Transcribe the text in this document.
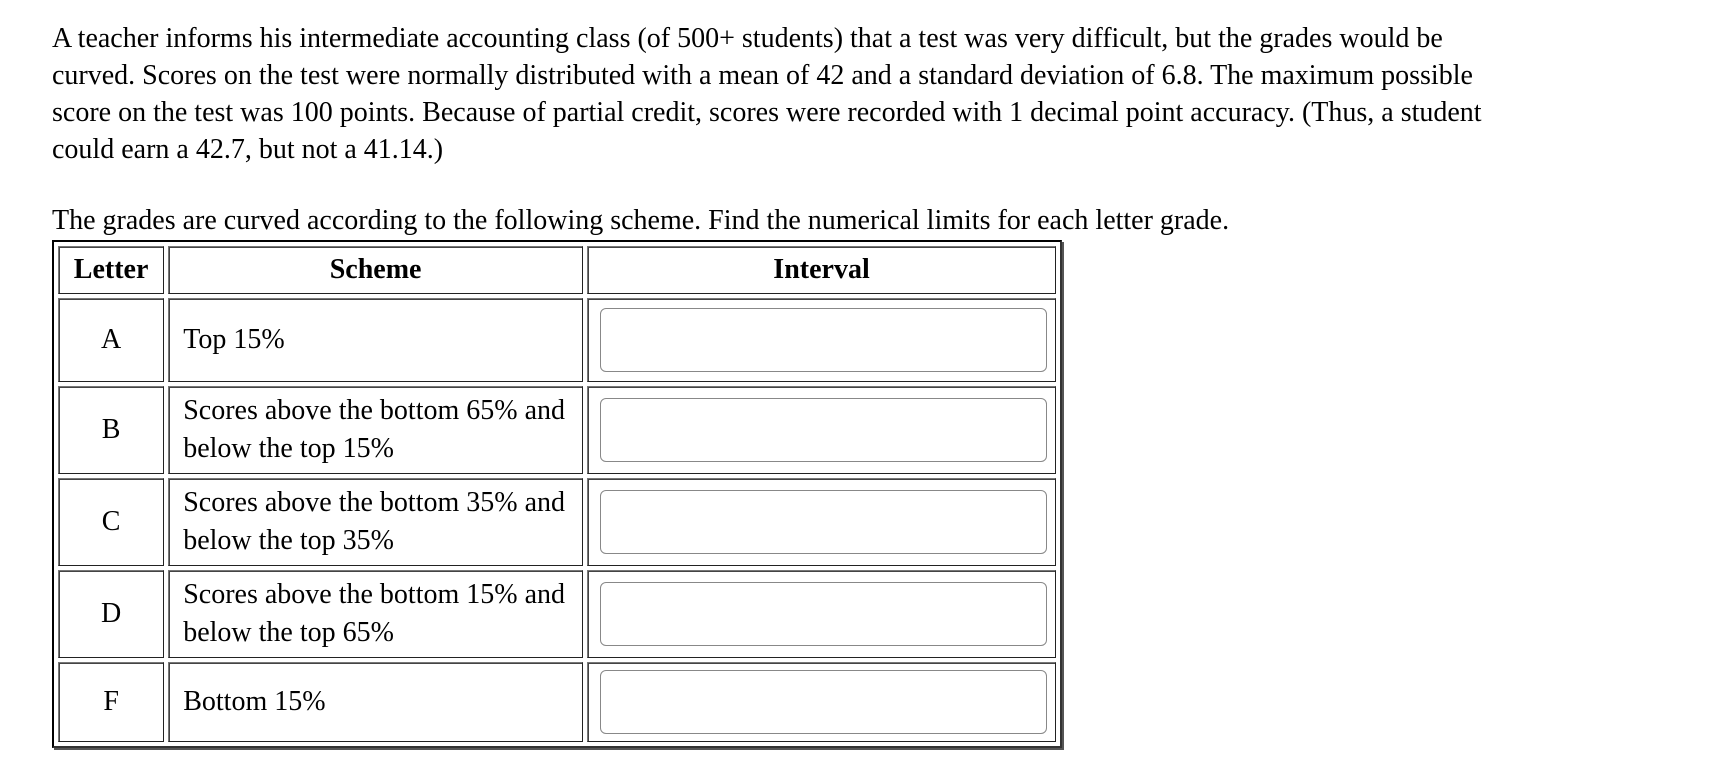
A teacher informs his intermediate accounting class (of 500+ students) that a test was very difficult, but the grades would be curved. Scores on the test were normally distributed with a mean of 42 and a standard deviation of 6.8. The maximum possible score on the test was 100 points. Because of partial credit, scores were recorded with 1 decimal point accuracy. (Thus, a student could earn a 42.7, but not a 41.14.)

The grades are curved according to the following scheme. Find the numerical limits for each letter grade.

Letter	Scheme	Interval
A	Top 15%	

B	Scores above the bottom 65% and below the top 15%	

C	Scores above the bottom 35% and below the top 35%	

D	Scores above the bottom 15% and below the top 65%	

F	Bottom 15%	
